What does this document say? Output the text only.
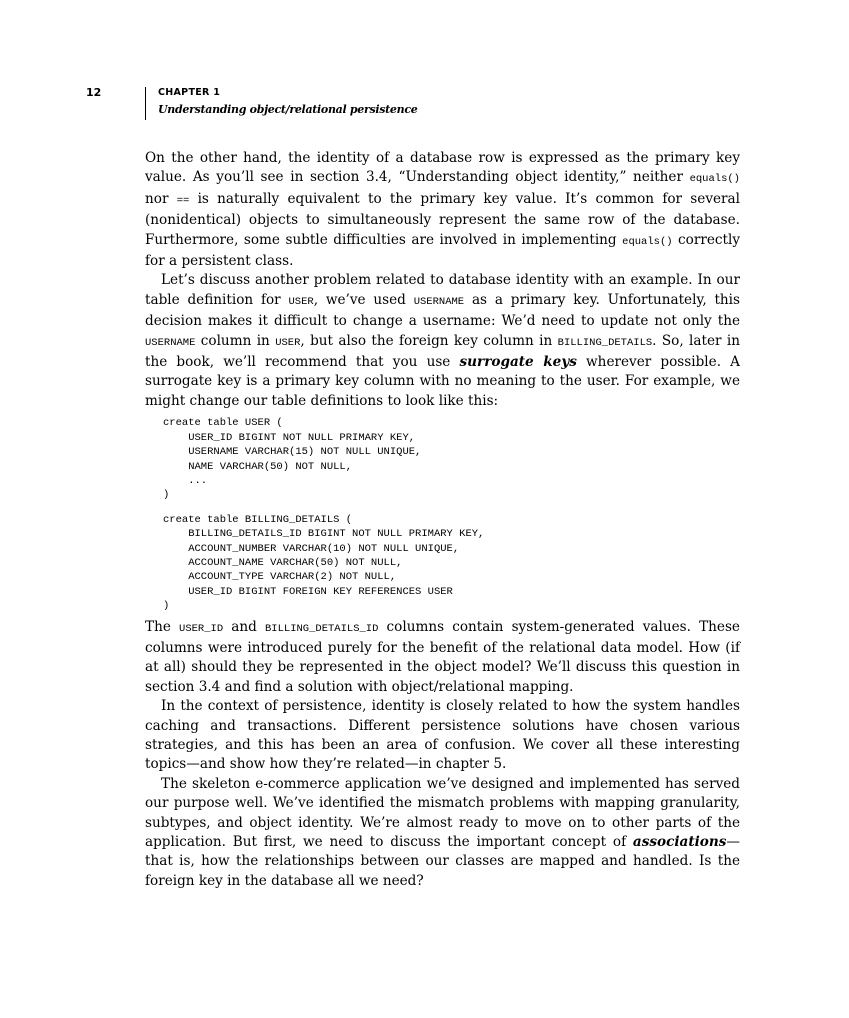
12	CHAPTER 1
Understanding object/relational persistence

On the other hand, the identity of a database row is expressed as the primary key value. As you’ll see in section 3.4, “Understanding object identity,” neither equals() nor == is naturally equivalent to the primary key value. It’s common for several (nonidentical) objects to simultaneously represent the same row of the database. Furthermore, some subtle difficulties are involved in implementing equals() correctly for a persistent class.

Let’s discuss another problem related to database identity with an example. In our table definition for USER, we’ve used USERNAME as a primary key. Unfortunately, this decision makes it difficult to change a username: We’d need to update not only the USERNAME column in USER, but also the foreign key column in BILLING_DETAILS. So, later in the book, we’ll recommend that you use surrogate keys wherever possible. A surrogate key is a primary key column with no meaning to the user. For example, we might change our table definitions to look like this:

create table USER (
USER_ID BIGINT NOT NULL PRIMARY KEY,
USERNAME VARCHAR(15) NOT NULL UNIQUE,
NAME VARCHAR(50) NOT NULL,
...
)
create table BILLING_DETAILS (
BILLING_DETAILS_ID BIGINT NOT NULL PRIMARY KEY,
ACCOUNT_NUMBER VARCHAR(10) NOT NULL UNIQUE,
ACCOUNT_NAME VARCHAR(50) NOT NULL,
ACCOUNT_TYPE VARCHAR(2) NOT NULL,
USER_ID BIGINT FOREIGN KEY REFERENCES USER
)

The USER_ID and BILLING_DETAILS_ID columns contain system-generated values. These columns were introduced purely for the benefit of the relational data model. How (if at all) should they be represented in the object model? We’ll discuss this question in section 3.4 and find a solution with object/relational mapping.

In the context of persistence, identity is closely related to how the system handles caching and transactions. Different persistence solutions have chosen various strategies, and this has been an area of confusion. We cover all these interesting topics—and show how they’re related—in chapter 5.

The skeleton e-commerce application we’ve designed and implemented has served our purpose well. We’ve identified the mismatch problems with mapping granularity, subtypes, and object identity. We’re almost ready to move on to other parts of the application. But first, we need to discuss the important concept of associations—that is, how the relationships between our classes are mapped and handled. Is the foreign key in the database all we need?
